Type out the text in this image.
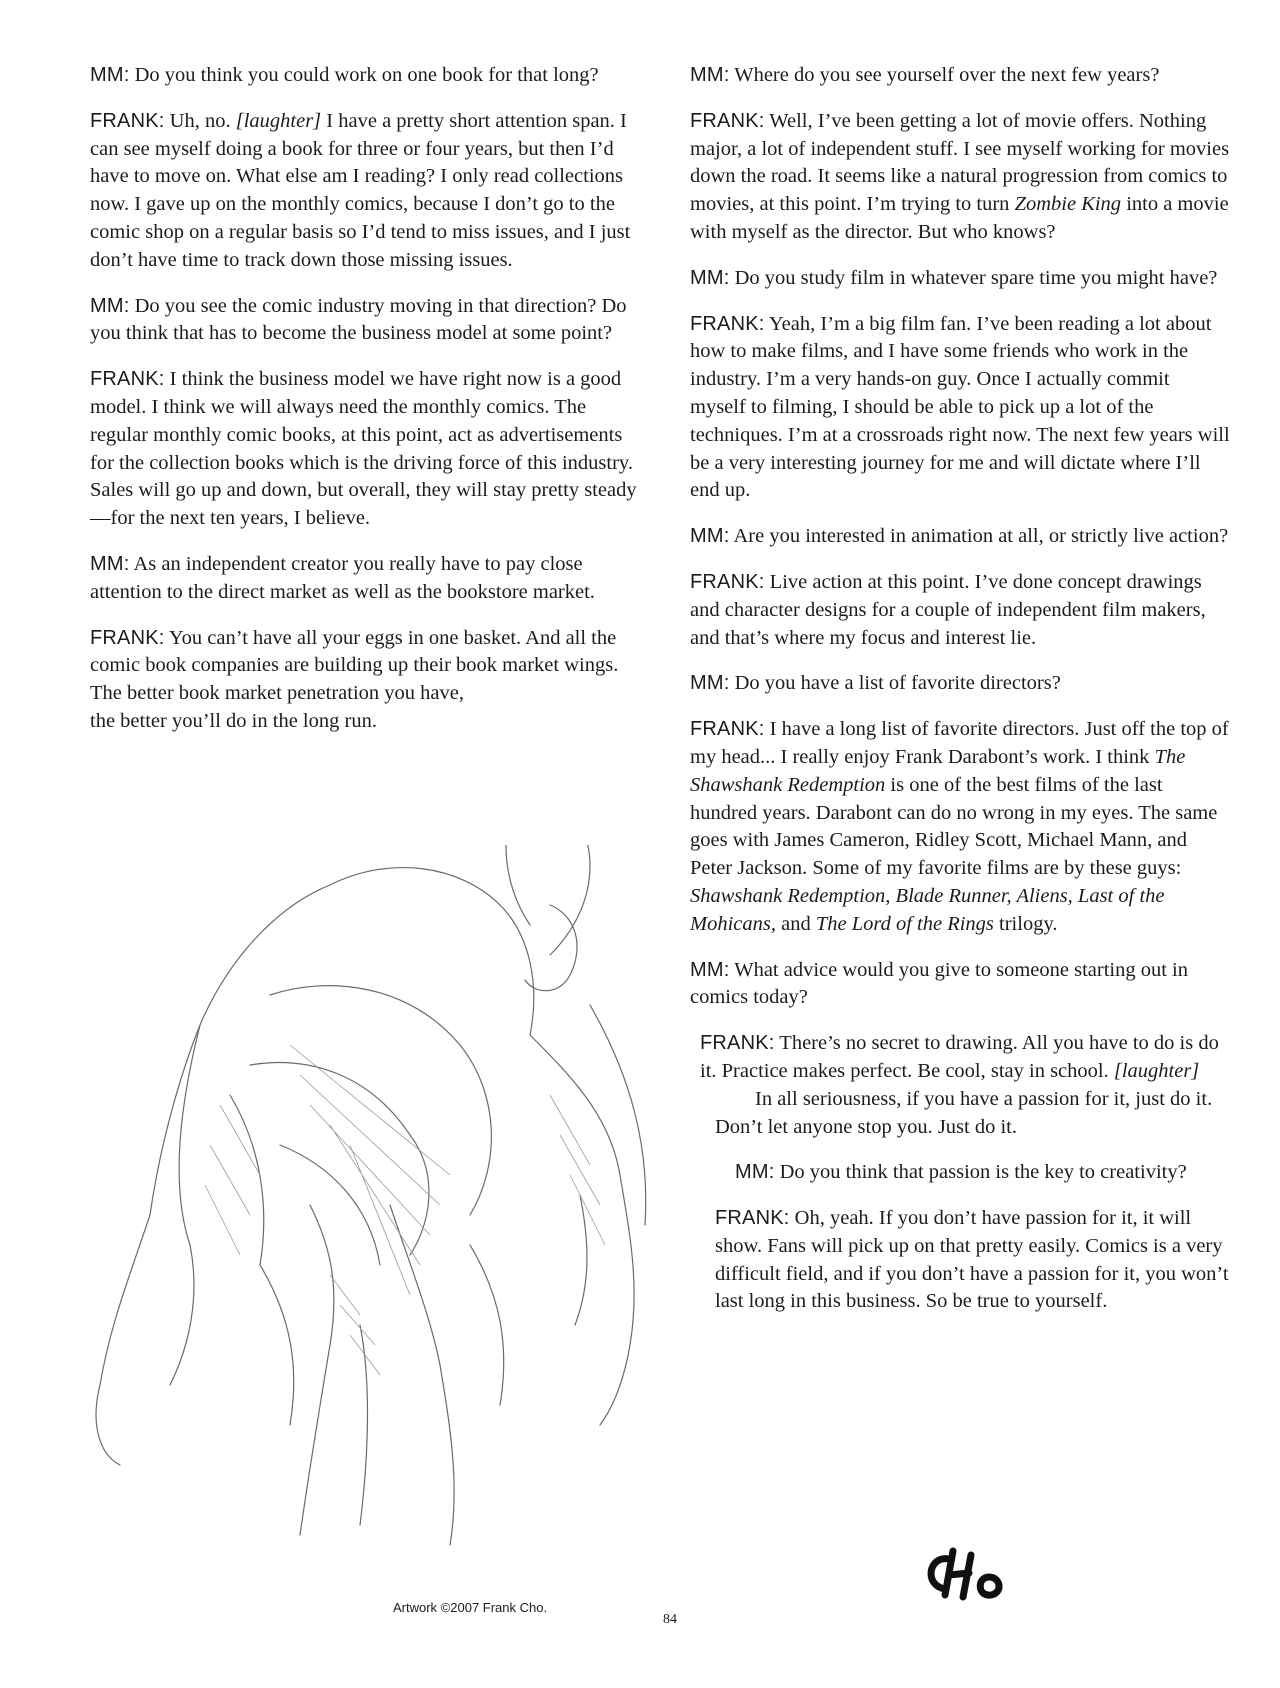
MM: Do you think you could work on one book for that long?

FRANK: Uh, no. [laughter] I have a pretty short attention span. I can see myself doing a book for three or four years, but then I’d have to move on. What else am I reading? I only read collections now. I gave up on the monthly comics, because I don’t go to the comic shop on a regular basis so I’d tend to miss issues, and I just don’t have time to track down those missing issues.

MM: Do you see the comic industry moving in that direction? Do you think that has to become the business model at some point?

FRANK: I think the business model we have right now is a good model. I think we will always need the monthly comics. The regular monthly comic books, at this point, act as advertisements for the collection books which is the driving force of this industry. Sales will go up and down, but overall, they will stay pretty steady—for the next ten years, I believe.

MM: As an independent creator you really have to pay close attention to the direct market as well as the bookstore market.

FRANK: You can’t have all your eggs in one basket. And all the comic book companies are building up their book market wings.

The better book market penetration you have, the better you’ll do in the long run.

MM: Where do you see yourself over the next few years?

FRANK: Well, I’ve been getting a lot of movie offers. Nothing major, a lot of independent stuff. I see myself working for movies down the road. It seems like a natural progression from comics to movies, at this point. I’m trying to turn Zombie King into a movie with myself as the director. But who knows?

MM: Do you study film in whatever spare time you might have?

FRANK: Yeah, I’m a big film fan. I’ve been reading a lot about how to make films, and I have some friends who work in the industry. I’m a very hands-on guy. Once I actually commit myself to filming, I should be able to pick up a lot of the techniques. I’m at a crossroads right now. The next few years will be a very interesting journey for me and will dictate where I’ll end up.

MM: Are you interested in animation at all, or strictly live action?

FRANK: Live action at this point. I’ve done concept drawings and character designs for a couple of independent film makers, and that’s where my focus and interest lie.

MM: Do you have a list of favorite directors?

FRANK: I have a long list of favorite directors. Just off the top of my head... I really enjoy Frank Darabont’s work. I think The Shawshank Redemption is one of the best films of the last hundred years. Darabont can do no wrong in my eyes. The same goes with James Cameron, Ridley Scott, Michael Mann, and Peter Jackson. Some of my favorite films are by these guys: Shawshank Redemption, Blade Runner, Aliens, Last of the Mohicans, and The Lord of the Rings trilogy.

MM: What advice would you give to someone starting out in comics today?

FRANK: There’s no secret to drawing. All you have to do is do it. Practice makes perfect. Be cool, stay in school. [laughter]

In all seriousness, if you have a passion for it, just do it. Don’t let anyone stop you. Just do it.

MM: Do you think that passion is the key to creativity?

FRANK: Oh, yeah. If you don’t have passion for it, it will show. Fans will pick up on that pretty easily. Comics is a very difficult field, and if you don’t have a passion for it, you won’t last long in this business. So be true to yourself.

Artwork ©2007 Frank Cho.
84
